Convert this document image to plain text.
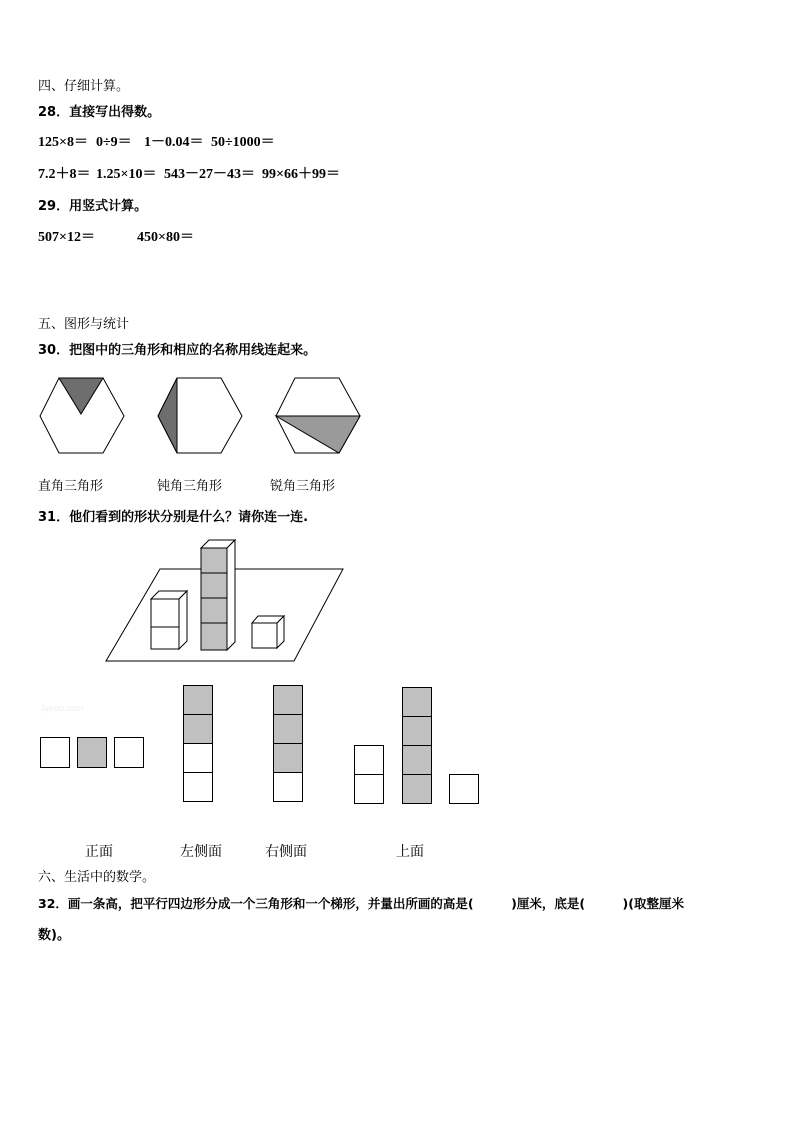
四、仔细计算。
28．直接写出得数。
125×8＝ 0÷9＝ 1－0.04＝ 50÷1000＝
7.2＋8＝ 1.25×10＝ 543－27－43＝ 99×66＋99＝
29．用竖式计算。
507×12＝	450×80＝
五、图形与统计
30．把图中的三角形和相应的名称用线连起来。
直角三角形	钝角三角形	锐角三角形
31．他们看到的形状分别是什么？请你连一连.
Jyeoo.com
正面	左侧面	右侧面	上面
六、生活中的数学。
32．画一条高，把平行四边形分成一个三角形和一个梯形，并量出所画的高是(　　　)厘米，底是(　　　)(取整厘米
数)。
